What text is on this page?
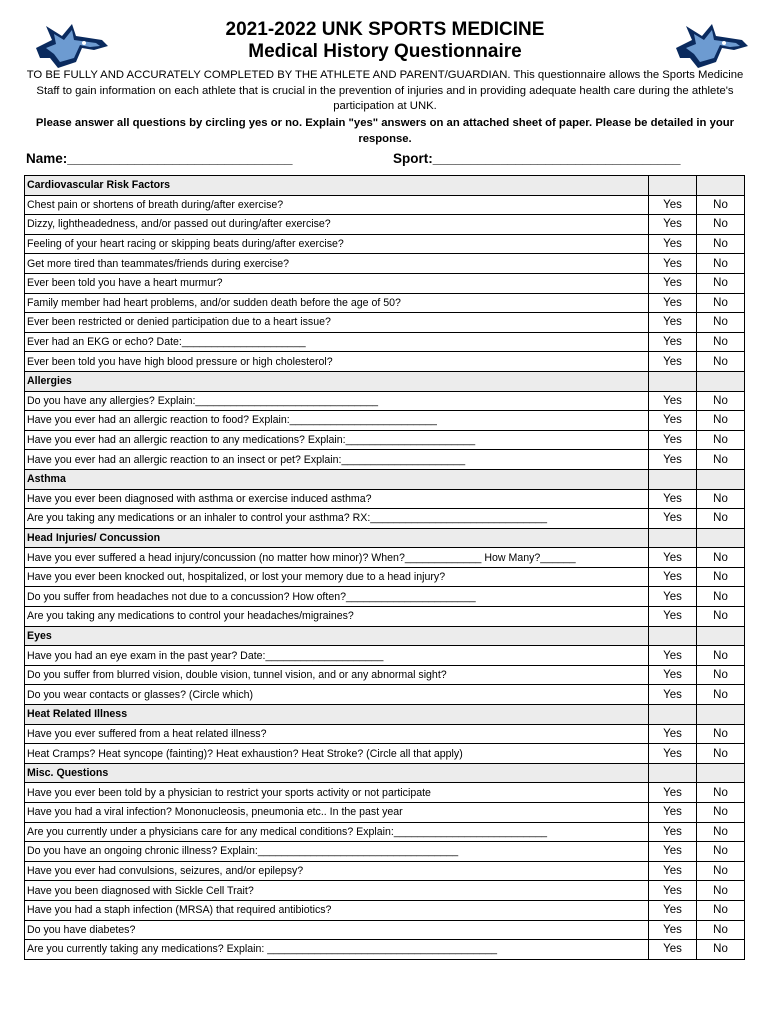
2021-2022 UNK SPORTS MEDICINE
Medical History Questionnaire
TO BE FULLY AND ACCURATELY COMPLETED BY THE ATHLETE AND PARENT/GUARDIAN. This questionnaire allows the Sports Medicine Staff to gain information on each athlete that is crucial in the prevention of injuries and in providing adequate health care during the athlete's participation at UNK.
Please answer all questions by circling yes or no. Explain "yes" answers on an attached sheet of paper. Please be detailed in your response.
Name:______________________________	Sport:_________________________________
Cardiovascular Risk Factors		
Chest pain or shortens of breath during/after exercise?	Yes	No
Dizzy, lightheadedness, and/or passed out during/after exercise?	Yes	No
Feeling of your heart racing or skipping beats during/after exercise?	Yes	No
Get more tired than teammates/friends during exercise?	Yes	No
Ever been told you have a heart murmur?	Yes	No
Family member had heart problems, and/or sudden death before the age of 50?	Yes	No
Ever been restricted or denied participation due to a heart issue?	Yes	No
Ever had an EKG or echo? Date:_____________________	Yes	No
Ever been told you have high blood pressure or high cholesterol?	Yes	No
Allergies		
Do you have any allergies? Explain:_______________________________	Yes	No
Have you ever had an allergic reaction to food? Explain:_________________________	Yes	No
Have you ever had an allergic reaction to any medications? Explain:______________________	Yes	No
Have you ever had an allergic reaction to an insect or pet? Explain:_____________________	Yes	No
Asthma		
Have you ever been diagnosed with asthma or exercise induced asthma?	Yes	No
Are you taking any medications or an inhaler to control your asthma? RX:______________________________	Yes	No
Head Injuries/ Concussion		
Have you ever suffered a head injury/concussion (no matter how minor)? When?_____________ How Many?______	Yes	No
Have you ever been knocked out, hospitalized, or lost your memory due to a head injury?	Yes	No
Do you suffer from headaches not due to a concussion? How often?______________________	Yes	No
Are you taking any medications to control your headaches/migraines?	Yes	No
Eyes		
Have you had an eye exam in the past year? Date:____________________	Yes	No
Do you suffer from blurred vision, double vision, tunnel vision, and or any abnormal sight?	Yes	No
Do you wear contacts or glasses? (Circle which)	Yes	No
Heat Related Illness		
Have you ever suffered from a heat related illness?	Yes	No
Heat Cramps? Heat syncope (fainting)? Heat exhaustion? Heat Stroke? (Circle all that apply)	Yes	No
Misc. Questions		
Have you ever been told by a physician to restrict your sports activity or not participate	Yes	No
Have you had a viral infection? Mononucleosis, pneumonia etc.. In the past year	Yes	No
Are you currently under a physicians care for any medical conditions? Explain:__________________________	Yes	No
Do you have an ongoing chronic illness? Explain:__________________________________	Yes	No
Have you ever had convulsions, seizures, and/or epilepsy?	Yes	No
Have you been diagnosed with Sickle Cell Trait?	Yes	No
Have you had a staph infection (MRSA) that required antibiotics?	Yes	No
Do you have diabetes?	Yes	No
Are you currently taking any medications? Explain: _______________________________________	Yes	No
